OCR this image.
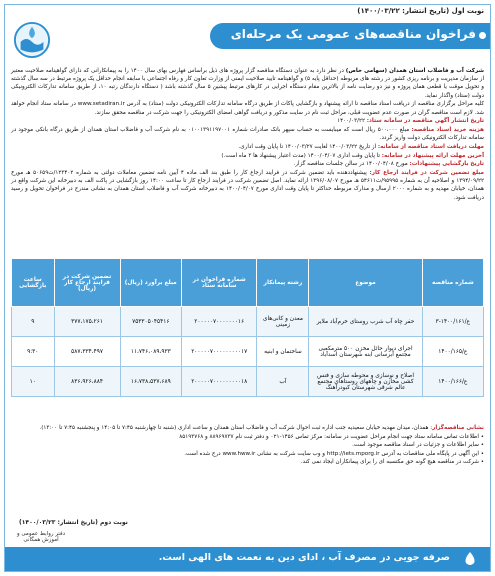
نوبت اول (تاریخ انتشار: ۱۴۰۰/۰۳/۲۲)
فراخوان مناقصه‌های عمومی یک مرحله‌ای

شرکت آب و فاضلاب استان همدان (سهامی خاص) در نظر دارد به عنوان دستگاه مناقصه گزار پروژه های ذیل براساس فهارس بهای سال ۱۴۰۰ را به پیمانکارانی که دارای گواهینامه صلاحیت معتبر از سازمان مدیریت و برنامه ریزی کشور در رشته های مربوطه (حداقل پایه ۵) و گواهینامه تایید صلاحیت ایمنی از وزارت تعاون کار و رفاه اجتماعی با سابقه انجام حداقل یک پروژه مرتبط در سه سال گذشته و تحویل موقت یا قطعی همان پروژه و نیز دو رضایت نامه از بالاترین مقام دستگاه اجرایی در کارهای مرتبط پیشین ۵ سال گذشته باشد ( دستگاه دارندگان رتبه ۱۰، از طریق سامانه تدارکات الکترونیکی دولت (ستاد) واگذار نماید.

کلیه مراحل برگزاری مناقصه از دریافت اسناد مناقصه تا ارائه پیشنهاد و بازگشایی پاکات از طریق درگاه سامانه تدارکات الکترونیکی دولت (ستاد) به آدرس www.setadiran.ir در سامانه ستاد انجام خواهد شد. لازم است مناقصه گران در صورت عدم عضویت قبلی، مراحل ثبت نام در سایت مذکور و دریافت گواهی امضای الکترونیکی را جهت شرکت در مناقصه محقق سازند.

تاریخ انتشار آگهی مناقصه در سامانه ستاد: ۱۴۰۰/۰۳/۲۲

هزینه خرید اسناد مناقصه: مبلغ ۵۰۰،۰۰۰ ریال است که میبایست به حساب سپهر بانک صادرات شماره ۰۱۰۰۱۳۹۱۱۹۷۰۰۱ به نام شرکت آب و فاضلاب استان همدان از طریق درگاه بانکی موجود در سامانه تدارکات الکترونیکی دولت واریز گردد.

مهلت دریافت اسناد مناقصه از سامانه: از تاریخ ۱۴۰۰/۰۳/۲۲ لغایت ۱۴۰۰/۰۳/۲۷ تا پایان وقت اداری.

آخرین مهلت ارائه پیشنهاد در سامانه: تا پایان وقت اداری ۱۴۰۰/۰۴/۰۷ (مدت اعتبار پیشنهاد ها ۳ ماه است.)

تاریخ بازگشایی پیشنهادات: مورخ ۱۴۰۰/۰۴/۰۸ در سالن جلسات مناقصه گزار.

مبلغ تضمین شرکت در فرایند ارجاع کار: پیشنهاددهنده باید تضمین شرکت در فرایند ارجاع کار را طبق بند الف ماده ۴ آیین نامه تضمین معاملات دولتی به شماره ۱۲۳۴۰۲/ت۵۰۶۵۹ هـ مورخ ۱۳۹۴/۰۹/۲۲ و اصلاحیه آن به شماره ۹۵۹۹۵/ت۵۴۶۱۱ هـ مورخ ۱۳۹۶/۰۸/۰۷ ارائه نماید. اصل تضمین شرکت در فرایند ارجاع کار تا ساعت ۱۴:۰۰ روز بازگشایی در پاکت الف به دبیرخانه این شرکت واقع در همدان، خیابان مهدیه و به شماره ۲۰۰۰ ارسال و مدارک مربوطه حداکثر تا پایان وقت اداری مورخ ۱۴۰۰/۰۴/۰۷ به دبیرخانه شرکت آب و فاضلاب استان همدان به نشانی مندرج در فراخوان تحویل و رسید دریافت شود.

شماره مناقصه	موضوع	رشته پیمانکار	شماره فراخوان در سامانه ستاد	مبلغ برآورد (ریال)	تضمین شرکت در فرایند ارجاع کار (ریال)	ساعت بازگشایی
ع/۱۴۰۰/۱۶۱-۳	حفر چاه آب شرب روستای خرم‌آباد ملایر	معدن و کانی‌های زمینی	۲۰۰۰۰۰۷۰۰۰۰۰۰۰۱۶	۷۵۳۳۰۵۰۴۵۴۱۶	۳۷۷،۱۷۵،۲۶۱	۹
ع/۱۴۰۰/۱۶۵	اجرای دیوار حائل مخزن ۵۰۰ مترمکعبی مجتمع آبرسانی ابنه شهرستان اسدآباد	ساختمان و ابنیه	۲۰۰۰۰۰۷۰۰۰۰۰۰۰۰۰۱۷	۱۱،۷۴۶،۰۸۹،۹۳۳	۵۸۷،۳۳۴،۴۹۷	۹:۳۰
ع/۱۴۰۰/۱۶۶	اصلاح و نوسازی و محوطه سازی و فنس کشی مخازن و چاههای روستاهای مجتمع عالم شرقی شهرستان کبودرآهنگ	آب	۲۰۰۰۰۰۷۰۰۰۰۰۰۰۰۰۱۸	۱۶،۷۳۸،۵۳۷،۶۸۹	۸۳۶،۹۲۶،۸۸۴	۱۰

نشانی مناقصه‌گزار: همدان، میدان مهدیه خیابان سعیدیه جنب اداره ثبت احوال شرکت آب و فاضلاب استان همدان و ساعت اداری (شنبه تا چهارشنبه ۷:۴۵ تا ۱۴:۰۵ و پنجشنبه ۷:۴۵ تا ۱۳:۰۰).

• اطلاعات تماس سامانه ستاد جهت انجام مراحل عضویت در سامانه: مرکز تماس ۱۴۵۶-۰۲۱ و دفتر ثبت نام ۸۸۹۶۹۷۳۷ و ۸۵۱۹۳۷۶۸

• سایر اطلاعات و جزئیات در اسناد مناقصه موجود است.

• این آگهی در پایگاه ملی مناقصات به آدرس http://iets.mporg.ir و وب سایت شرکت به نشانی www.hww.ir درج شده است.

• شرکت در مناقصه هیچ گونه حق مکتسبه ای را برای پیمانکاران ایجاد نمی کند.

نوبت دوم (تاریخ انتشار: ۱۴۰۰/۰۳/۲۳)
دفتر روابط عمومی و آموزش همگانی
صرفه جویی در مصرف آب ، ادای دین به نعمت های الهی است.
